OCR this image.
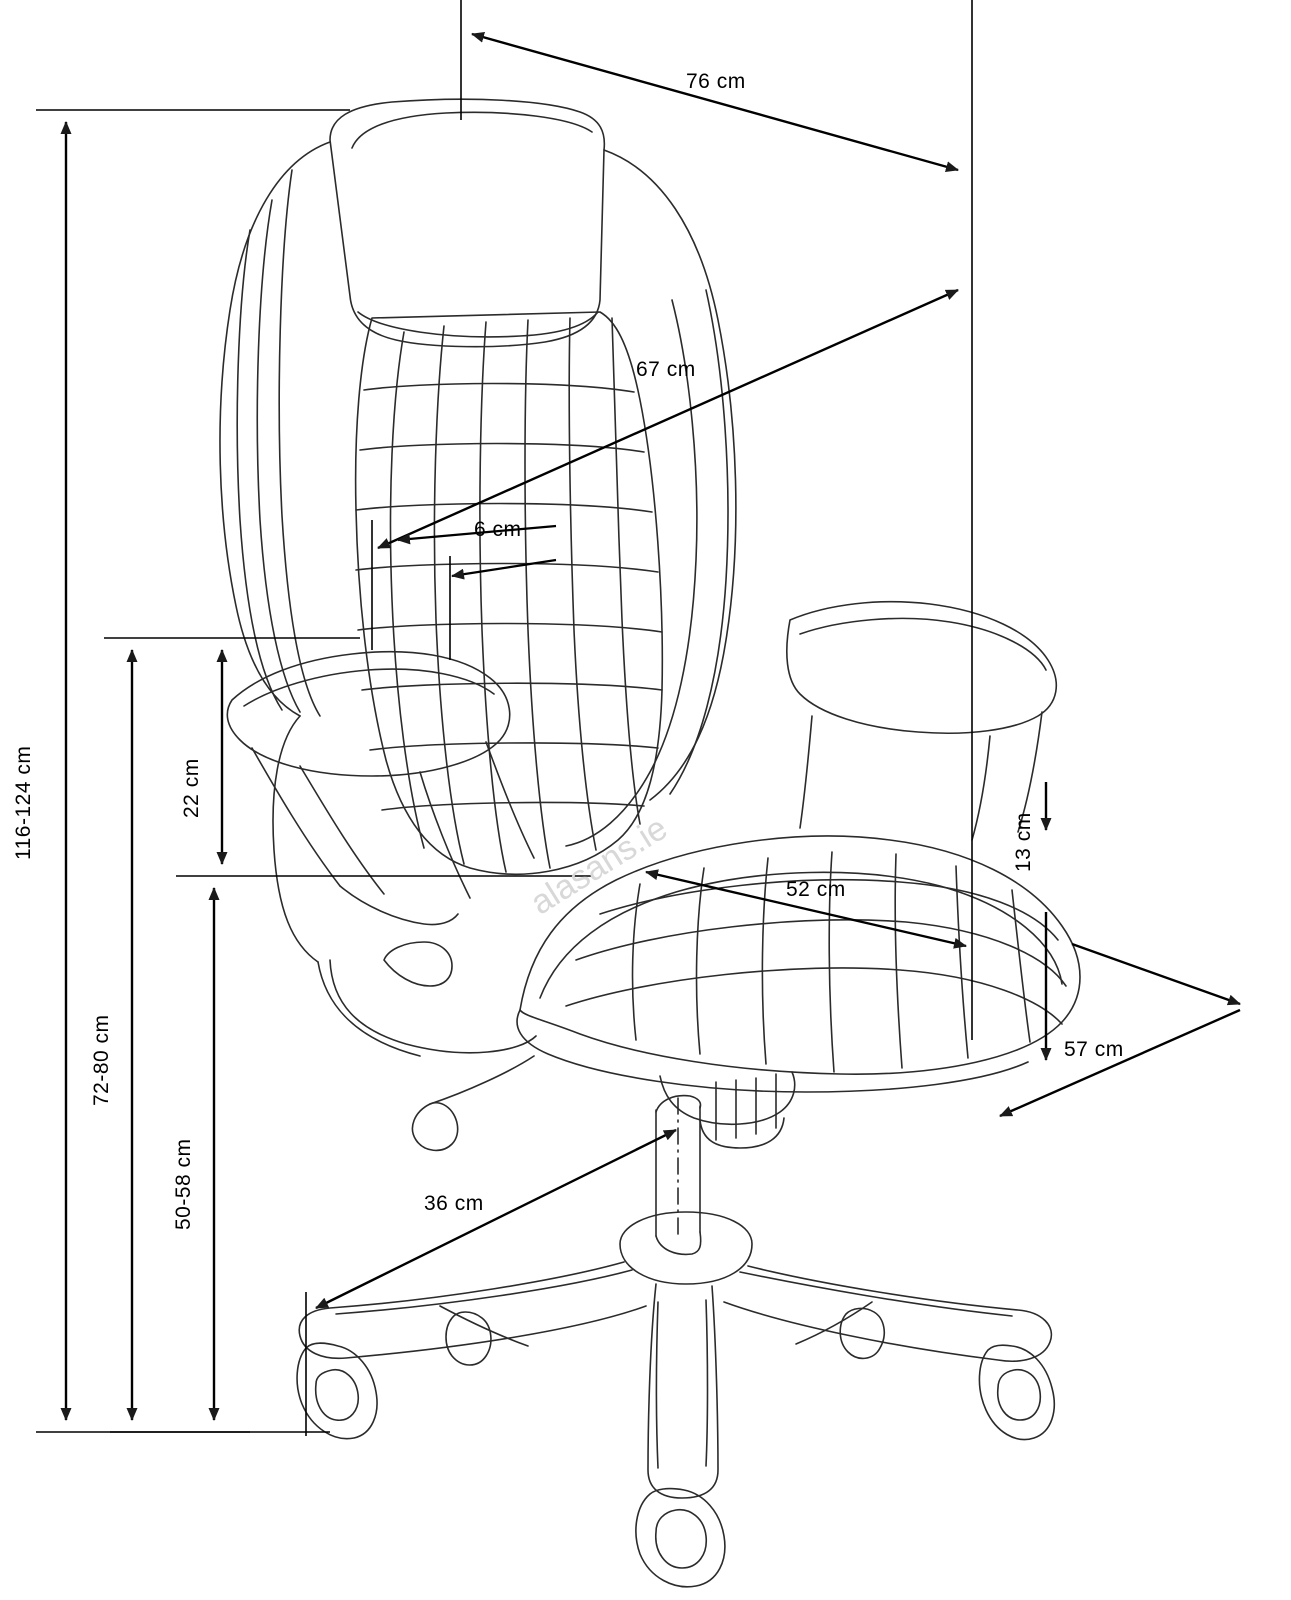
76 cm
67 cm
6 cm
116-124 cm	22 cm
72-80 cm
50-58 cm
52 cm
13 cm
57 cm
36 cm
alasans.ie
